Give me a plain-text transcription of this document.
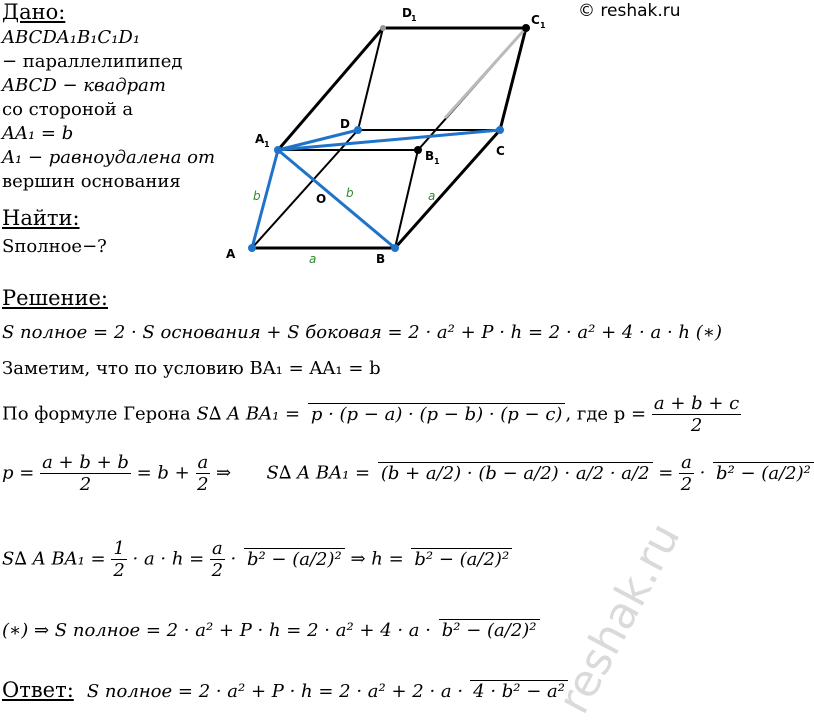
© reshak.ru
reshak.ru
Дано:
ABCDA₁B₁C₁D₁
− параллелипипед
ABCD − квадрат
со стороной a
AA₁ = b
A₁ − равноудалена от
вершин основания
Найти:
Sполное−?	A	B
C
D
A 1
B 1
C 1
D 1
O
a
a
b	b
Решение:
S полное = 2 · S основания + S боковая = 2 · a² + P · h = 2 · a² + 4 · a · h (∗)
Заметим, что по условию BA₁ = AA₁ = b
По формуле Герона S∆ A BA₁ = p · (p − a) · (p − b) · (p − c) , где $p = \frac{a + b + c}{2}$
$p = \frac{a + b + b}{2} = b + \frac{a}{2}$ ⇒ S∆ A $BA_1 = (b + a/2) \cdot (b - a/2) \cdot a/2 \cdot a/2 = \frac{a}{2} \cdot b^2 - (a/2)^2$
S∆ A $BA_1 = \frac{1}{2} \cdot a \cdot h = \frac{a}{2} \cdot b^2 - (a/2)^2$ ⇒ h = b² − (a/2)²
(∗) ⇒ S полное = 2 · a² + P · h = 2 · a² + 4 · a · b² − (a/2)²
Ответ: S полное = 2 · a² + P · h = 2 · a² + 2 · a · 4 · b² − a²
